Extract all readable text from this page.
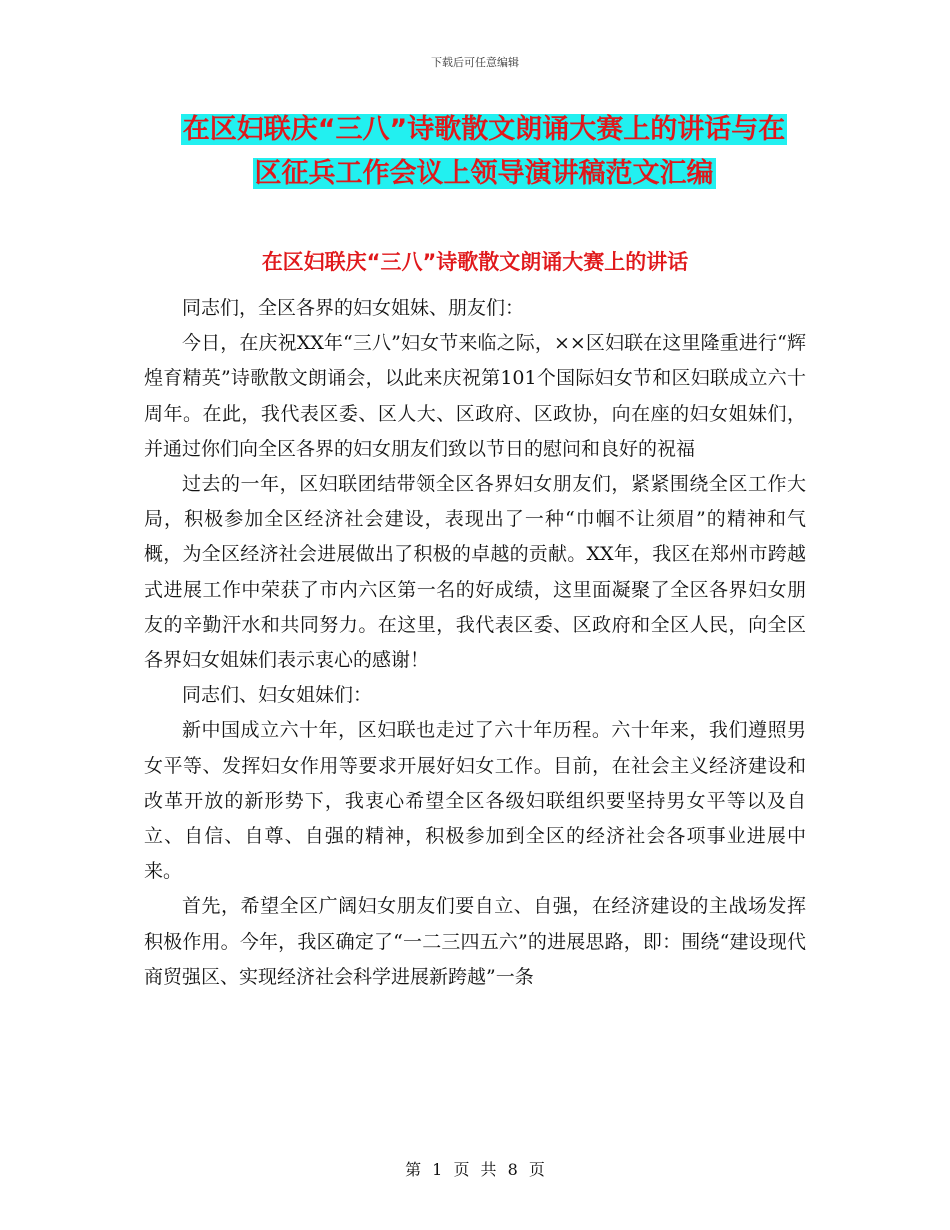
下载后可任意编辑
在区妇联庆“三八”诗歌散文朗诵大赛上的讲话与在
区征兵工作会议上领导演讲稿范文汇编
在区妇联庆“三八”诗歌散文朗诵大赛上的讲话

同志们，全区各界的妇女姐妹、朋友们：

今日，在庆祝XX年“三八”妇女节来临之际，××区妇联在这里隆重进行“辉煌育精英”诗歌散文朗诵会，以此来庆祝第101个国际妇女节和区妇联成立六十周年。在此，我代表区委、区人大、区政府、区政协，向在座的妇女姐妹们，并通过你们向全区各界的妇女朋友们致以节日的慰问和良好的祝福

过去的一年，区妇联团结带领全区各界妇女朋友们，紧紧围绕全区工作大局，积极参加全区经济社会建设，表现出了一种“巾帼不让须眉”的精神和气概，为全区经济社会进展做出了积极的卓越的贡献。XX年，我区在郑州市跨越式进展工作中荣获了市内六区第一名的好成绩，这里面凝聚了全区各界妇女朋友的辛勤汗水和共同努力。在这里，我代表区委、区政府和全区人民，向全区各界妇女姐妹们表示衷心的感谢！

同志们、妇女姐妹们：

新中国成立六十年，区妇联也走过了六十年历程。六十年来，我们遵照男女平等、发挥妇女作用等要求开展好妇女工作。目前，在社会主义经济建设和改革开放的新形势下，我衷心希望全区各级妇联组织要坚持男女平等以及自立、自信、自尊、自强的精神，积极参加到全区的经济社会各项事业进展中来。

首先，希望全区广阔妇女朋友们要自立、自强，在经济建设的主战场发挥积极作用。今年，我区确定了“一二三四五六”的进展思路，即：围绕“建设现代商贸强区、实现经济社会科学进展新跨越”一条

第 1 页 共 8 页
